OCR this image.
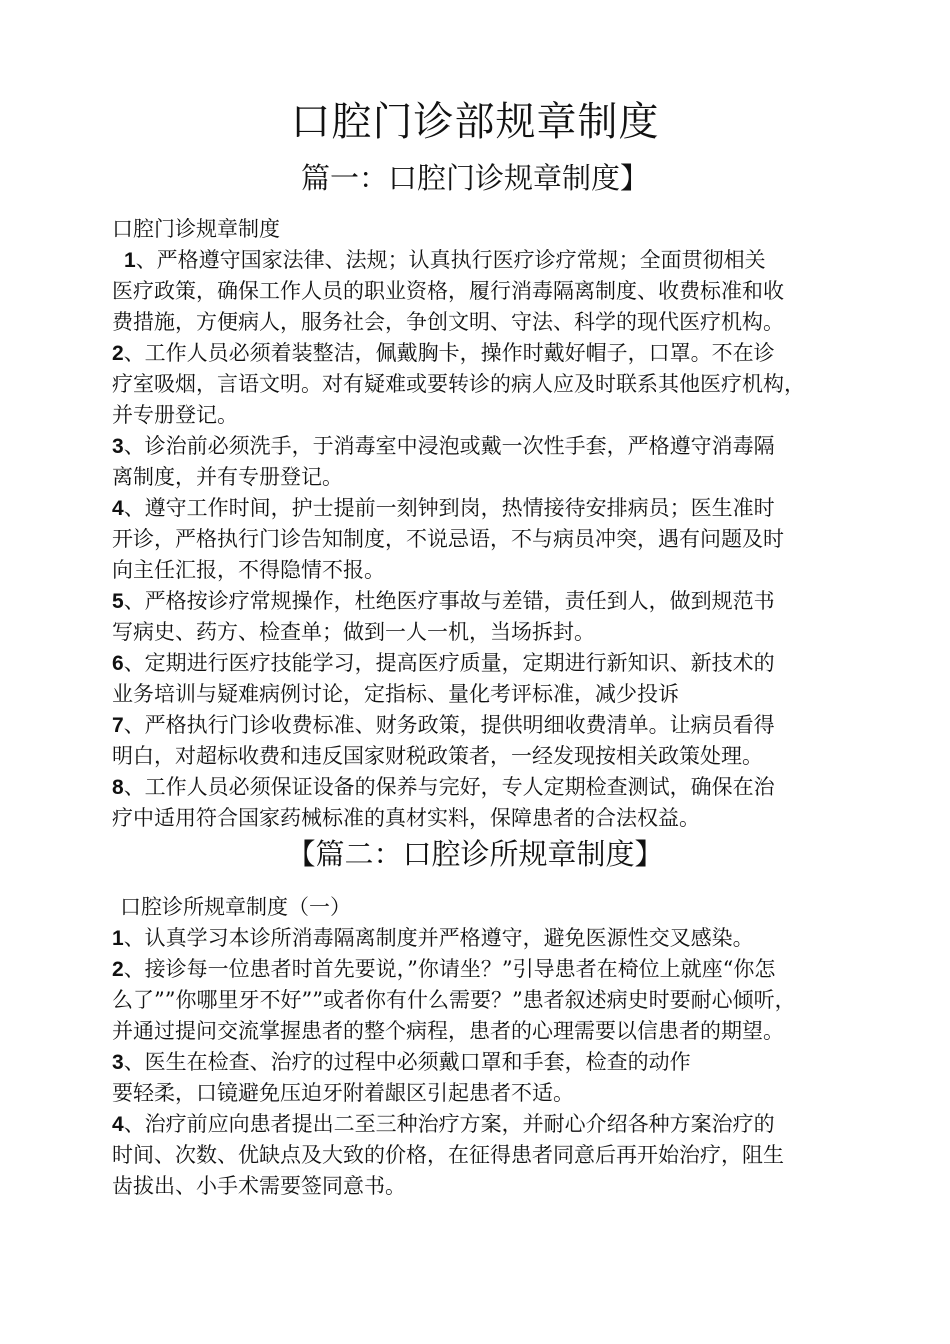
口腔门诊部规章制度
篇一：口腔门诊规章制度】
口腔门诊规章制度
1、严格遵守国家法律、法规；认真执行医疗诊疗常规；全面贯彻相关
医疗政策，确保工作人员的职业资格，履行消毒隔离制度、收费标准和收
费措施，方便病人，服务社会，争创文明、守法、科学的现代医疗机构。
2、工作人员必须着装整洁，佩戴胸卡，操作时戴好帽子，口罩。不在诊
疗室吸烟，言语文明。对有疑难或要转诊的病人应及时联系其他医疗机构，
并专册登记。
3、诊治前必须洗手，于消毒室中浸泡或戴一次性手套，严格遵守消毒隔
离制度，并有专册登记。
4、遵守工作时间，护士提前一刻钟到岗，热情接待安排病员；医生准时
开诊，严格执行门诊告知制度，不说忌语，不与病员冲突，遇有问题及时
向主任汇报，不得隐情不报。
5、严格按诊疗常规操作，杜绝医疗事故与差错，责任到人，做到规范书
写病史、药方、检查单；做到一人一机，当场拆封。
6、定期进行医疗技能学习，提高医疗质量，定期进行新知识、新技术的
业务培训与疑难病例讨论，定指标、量化考评标准，减少投诉
7、严格执行门诊收费标准、财务政策，提供明细收费清单。让病员看得
明白，对超标收费和违反国家财税政策者，一经发现按相关政策处理。
8、工作人员必须保证设备的保养与完好，专人定期检查测试，确保在治
疗中适用符合国家药械标准的真材实料，保障患者的合法权益。
【篇二：口腔诊所规章制度】
口腔诊所规章制度（一）
1、认真学习本诊所消毒隔离制度并严格遵守，避免医源性交叉感染。
2、接诊每一位患者时首先要说，”你请坐？”引导患者在椅位上就座“你怎
么了””你哪里牙不好””或者你有什么需要？”患者叙述病史时要耐心倾听，
并通过提问交流掌握患者的整个病程，患者的心理需要以信患者的期望。
3、医生在检查、治疗的过程中必须戴口罩和手套，检查的动作
要轻柔，口镜避免压迫牙附着龈区引起患者不适。
4、治疗前应向患者提出二至三种治疗方案，并耐心介绍各种方案治疗的
时间、次数、优缺点及大致的价格，在征得患者同意后再开始治疗，阻生
齿拔出、小手术需要签同意书。
